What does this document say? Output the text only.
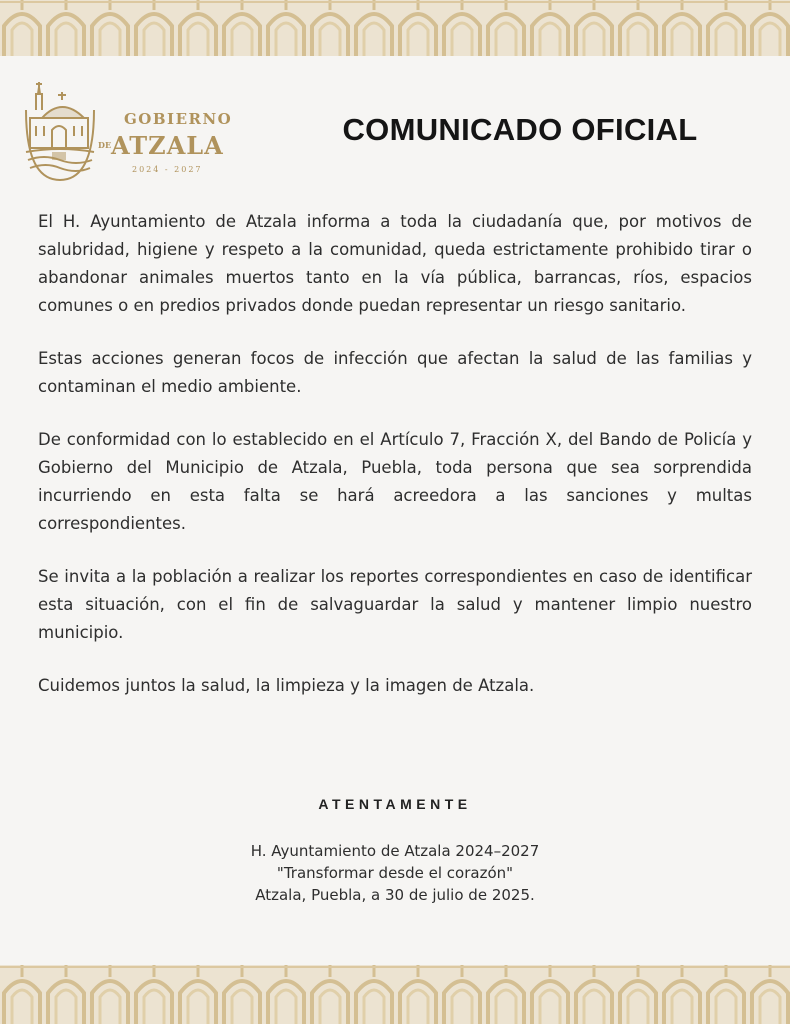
GOBIERNO
DE ATZALA
2024 - 2027
COMUNICADO OFICIAL

El H. Ayuntamiento de Atzala informa a toda la ciudadanía que, por motivos de salubridad, higiene y respeto a la comunidad, queda estrictamente prohibido tirar o abandonar animales muertos tanto en la vía pública, barrancas, ríos, espacios comunes o en predios privados donde puedan representar un riesgo sanitario.

Estas acciones generan focos de infección que afectan la salud de las familias y contaminan el medio ambiente.

De conformidad con lo establecido en el Artículo 7, Fracción X, del Bando de Policía y Gobierno del Municipio de Atzala, Puebla, toda persona que sea sorprendida incurriendo en esta falta se hará acreedora a las sanciones y multas correspondientes.

Se invita a la población a realizar los reportes correspondientes en caso de identificar esta situación, con el fin de salvaguardar la salud y mantener limpio nuestro municipio.

Cuidemos juntos la salud, la limpieza y la imagen de Atzala.

ATENTAMENTE
H. Ayuntamiento de Atzala 2024–2027
"Transformar desde el corazón"
Atzala, Puebla, a 30 de julio de 2025.
